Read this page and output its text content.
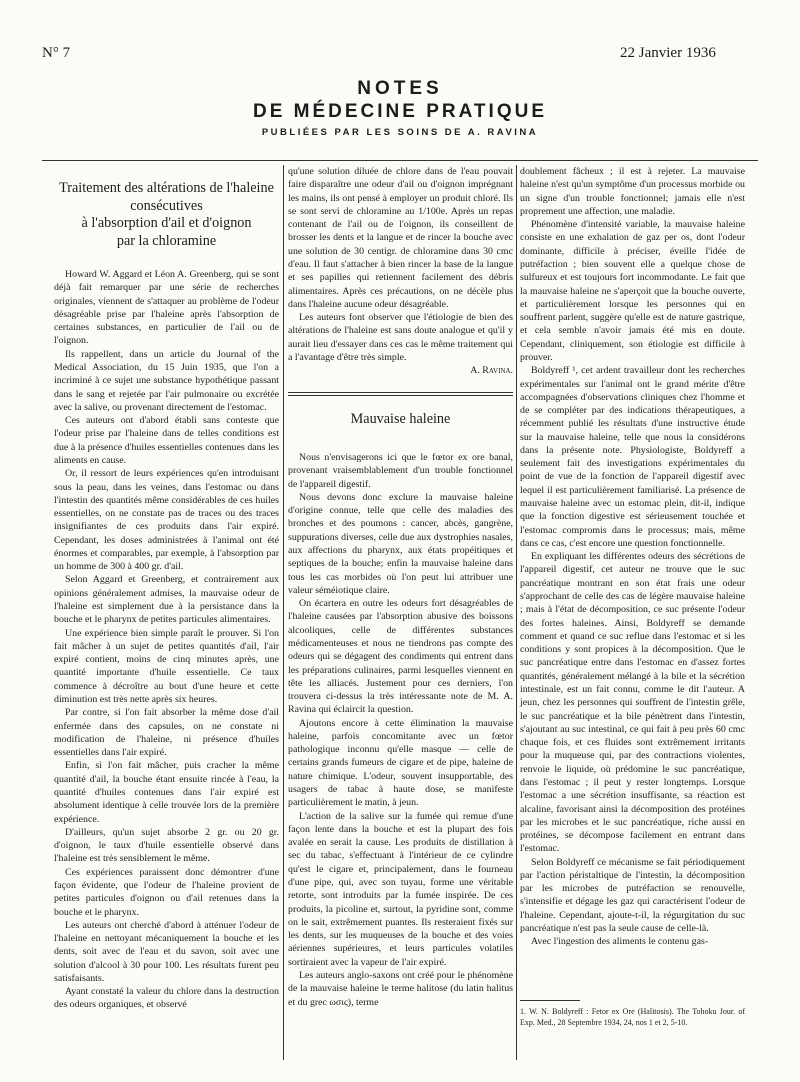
N° 7	22 Janvier 1936
NOTES
DE MÉDECINE PRATIQUE
PUBLIÉES PAR LES SOINS DE A. RAVINA
Traitement des altérations de l'haleine
consécutives
à l'absorption d'ail et d'oignon
par la chloramine

Howard W. Aggard et Léon A. Greenberg, qui se sont déjà fait remarquer par une série de recherches originales, viennent de s'attaquer au problème de l'odeur désagréable prise par l'haleine après l'absorption de certaines substances, en particulier de l'ail ou de l'oignon.

Ils rappellent, dans un article du Journal of the Medical Association, du 15 Juin 1935, que l'on a incriminé à ce sujet une substance hypothétique passant dans le sang et rejetée par l'air pulmonaire ou excrétée avec la salive, ou provenant directement de l'estomac.

Ces auteurs ont d'abord établi sans conteste que l'odeur prise par l'haleine dans de telles conditions est due à la présence d'huiles essentielles contenues dans les aliments en cause.

Or, il ressort de leurs expériences qu'en introduisant sous la peau, dans les veines, dans l'estomac ou dans l'intestin des quantités même considérables de ces huiles essentielles, on ne constate pas de traces ou des traces insignifiantes de ces produits dans l'air expiré. Cependant, les doses administrées à l'animal ont été énormes et comparables, par exemple, à l'absorption par un homme de 300 à 400 gr. d'ail.

Selon Aggard et Greenberg, et contrairement aux opinions généralement admises, la mauvaise odeur de l'haleine est simplement due à la persistance dans la bouche et le pharynx de petites particules alimentaires.

Une expérience bien simple paraît le prouver. Si l'on fait mâcher à un sujet de petites quantités d'ail, l'air expiré contient, moins de cinq minutes après, une quantité importante d'huile essentielle. Ce taux commence à décroître au bout d'une heure et cette diminution est très nette après six heures.

Par contre, si l'on fait absorber la même dose d'ail enfermée dans des capsules, on ne constate ni modification de l'haleine, ni présence d'huiles essentielles dans l'air expiré.

Enfin, si l'on fait mâcher, puis cracher la même quantité d'ail, la bouche étant ensuite rincée à l'eau, la quantité d'huiles contenues dans l'air expiré est absolument identique à celle trouvée lors de la première expérience.

D'ailleurs, qu'un sujet absorbe 2 gr. ou 20 gr. d'oignon, le taux d'huile essentielle observé dans l'haleine est très sensiblement le même.

Ces expériences paraissent donc démontrer d'une façon évidente, que l'odeur de l'haleine provient de petites particules d'oignon ou d'ail retenues dans la bouche et le pharynx.

Les auteurs ont cherché d'abord à atténuer l'odeur de l'haleine en nettoyant mécaniquement la bouche et les dents, soit avec de l'eau et du savon, soit avec une solution d'alcool à 30 pour 100. Les résultats furent peu satisfaisants.

Ayant constaté la valeur du chlore dans la destruction des odeurs organiques, et observé

qu'une solution diluée de chlore dans de l'eau pouvait faire disparaître une odeur d'ail ou d'oignon imprégnant les mains, ils ont pensé à employer un produit chloré. Ils se sont servi de chloramine au 1/100e. Après un repas contenant de l'ail ou de l'oignon, ils conseillent de brosser les dents et la langue et de rincer la bouche avec une solution de 30 centigr. de chloramine dans 30 cmc d'eau. Il faut s'attacher à bien rincer la base de la langue et ses papilles qui retiennent facilement des débris alimentaires. Après ces précautions, on ne décèle plus dans l'haleine aucune odeur désagréable.

Les auteurs font observer que l'étiologie de bien des altérations de l'haleine est sans doute analogue et qu'il y aurait lieu d'essayer dans ces cas le même traitement qui a l'avantage d'être très simple.

A. Ravina.
Mauvaise haleine

Nous n'envisagerons ici que le fœtor ex ore banal, provenant vraisemblablement d'un trouble fonctionnel de l'appareil digestif.

Nous devons donc exclure la mauvaise haleine d'origine connue, telle que celle des maladies des bronches et des poumons : cancer, abcès, gangrène, suppurations diverses, celle due aux dystrophies nasales, aux affections du pharynx, aux états propéitiques et septiques de la bouche; enfin la mauvaise haleine dans tous les cas morbides où l'on peut lui attribuer une valeur séméiotique claire.

On écartera en outre les odeurs fort désagréables de l'haleine causées par l'absorption abusive des boissons alcooliques, celle de différentes substances médicamenteuses et nous ne tiendrons pas compte des odeurs qui se dégagent des condiments qui entrent dans les préparations culinaires, parmi lesquelles viennent en tête les alliacés. Justement pour ces derniers, l'on trouvera ci-dessus la très intéressante note de M. A. Ravina qui éclaircit la question.

Ajoutons encore à cette élimination la mauvaise haleine, parfois concomitante avec un fœtor pathologique inconnu qu'elle masque — celle de certains grands fumeurs de cigare et de pipe, haleine de nature chimique. L'odeur, souvent insupportable, des usagers de tabac à haute dose, se manifeste particulièrement le matin, à jeun.

L'action de la salive sur la fumée qui remue d'une façon lente dans la bouche et est la plupart des fois avalée en serait la cause. Les produits de distillation à sec du tabac, s'effectuant à l'intérieur de ce cylindre qu'est le cigare et, principalement, dans le fourneau d'une pipe, qui, avec son tuyau, forme une véritable retorte, sont introduits par la fumée inspirée. De ces produits, la picoline et, surtout, la pyridine sont, comme on le sait, extrêmement puantes. Ils resteraient fixés sur les dents, sur les muqueuses de la bouche et des voies aériennes supérieures, et leurs particules volatiles sortiraient avec la vapeur de l'air expiré.

Les auteurs anglo-saxons ont créé pour le phénomène de la mauvaise haleine le terme halitose (du latin halitus et du grec ωσις), terme

doublement fâcheux ; il est à rejeter. La mauvaise haleine n'est qu'un symptôme d'un processus morbide ou un signe d'un trouble fonctionnel; jamais elle n'est proprement une affection, une maladie.

Phénomène d'intensité variable, la mauvaise haleine consiste en une exhalation de gaz per os, dont l'odeur dominante, difficile à préciser, éveille l'idée de putréfaction ; bien souvent elle a quelque chose de sulfureux et est toujours fort incommodante. Le fait que la mauvaise haleine ne s'aperçoit que la bouche ouverte, et particulièrement lorsque les personnes qui en souffrent parlent, suggère qu'elle est de nature gastrique, et cela semble n'avoir jamais été mis en doute. Cependant, cliniquement, son étiologie est difficile à prouver.

Boldyreff ¹, cet ardent travailleur dont les recherches expérimentales sur l'animal ont le grand mérite d'être accompagnées d'observations cliniques chez l'homme et de se compléter par des indications thérapeutiques, a récemment publié les résultats d'une instructive étude sur la mauvaise haleine, telle que nous la considérons dans la présente note. Physiologiste, Boldyreff a seulement fait des investigations expérimentales du point de vue de la fonction de l'appareil digestif avec lequel il est particulièrement familiarisé. La présence de mauvaise haleine avec un estomac plein, dit-il, indique que la fonction digestive est sérieusement touchée et l'estomac compromis dans le processus; mais, même dans ce cas, c'est encore une question fonctionnelle.

En expliquant les différentes odeurs des sécrétions de l'appareil digestif, cet auteur ne trouve que le suc pancréatique montrant en son état frais une odeur s'approchant de celle des cas de légère mauvaise haleine ; mais à l'état de décomposition, ce suc présente l'odeur des fortes haleines. Ainsi, Boldyreff se demande comment et quand ce suc reflue dans l'estomac et si les conditions y sont propices à la décomposition. Que le suc pancréatique entre dans l'estomac en d'assez fortes quantités, généralement mélangé à la bile et la sécrétion intestinale, est un fait connu, comme le dit l'auteur. A jeun, chez les personnes qui souffrent de l'intestin grêle, le suc pancréatique et la bile pénètrent dans l'intestin, s'ajoutant au suc intestinal, ce qui fait à peu près 60 cmc chaque fois, et ces fluides sont extrêmement irritants pour la muqueuse qui, par des contractions violentes, renvoie le liquide, où prédomine le suc pancréatique, dans l'estomac ; il peut y rester longtemps. Lorsque l'estomac a une sécrétion insuffisante, sa réaction est alcaline, favorisant ainsi la décomposition des protéines par les microbes et le suc pancréatique, riche aussi en protéines, se décompose facilement en entrant dans l'estomac.

Selon Boldyreff ce mécanisme se fait périodiquement par l'action péristaltique de l'intestin, la décomposition par les microbes de putréfaction se renouvelle, s'intensifie et dégage les gaz qui caractérisent l'odeur de l'haleine. Cependant, ajoute-t-il, la régurgitation du suc pancréatique n'est pas la seule cause de celle-là.

Avec l'ingestion des aliments le contenu gas-

1. W. N. Boldyreff : Fetor ex Ore (Halitosis). The Tohoku Jour. of Exp. Med., 28 Septembre 1934, 24, nos 1 et 2, 5-10.
